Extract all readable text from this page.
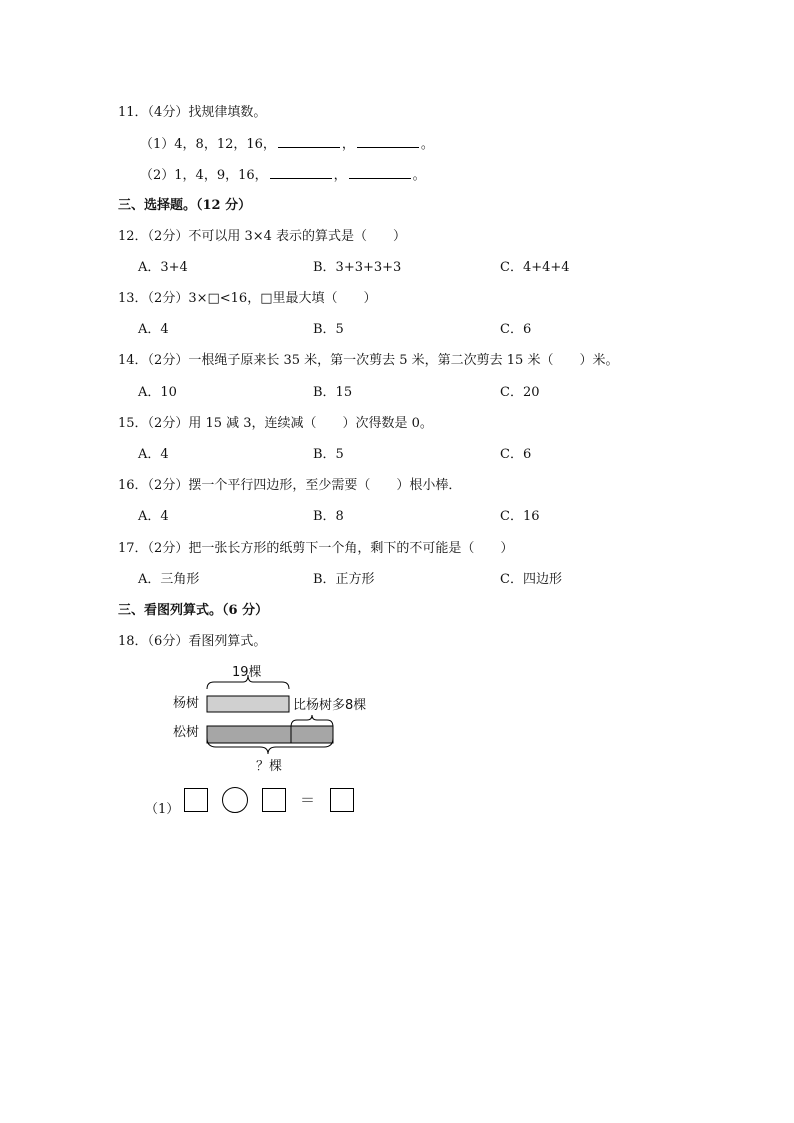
11．（4分）找规律填数。
（1）4，8，12，16，	，	。
（2）1，4，9，16，	，	。
三、选择题。（12 分）
12．（2分）不可以用 3×4 表示的算式是（　　）
A．3+4	B．3+3+3+3	C．4+4+4
13．（2分）3×□<16，□里最大填（　　）
A．4	B．5	C．6
14．（2分）一根绳子原来长 35 米，第一次剪去 5 米，第二次剪去 15 米（　　）米。
A．10	B．15	C．20
15．（2分）用 15 减 3，连续减（　　）次得数是 0。
A．4	B．5	C．6
16．（2分）摆一个平行四边形，至少需要（　　）根小棒．
A．4	B．8	C．16
17．（2分）把一张长方形的纸剪下一个角，剩下的不可能是（　　）
A．三角形	B．正方形	C．四边形
三、看图列算式。（6 分）
18．（6分）看图列算式。
19棵
杨树
松树
比杨树多8棵
？棵
（1）
＝
